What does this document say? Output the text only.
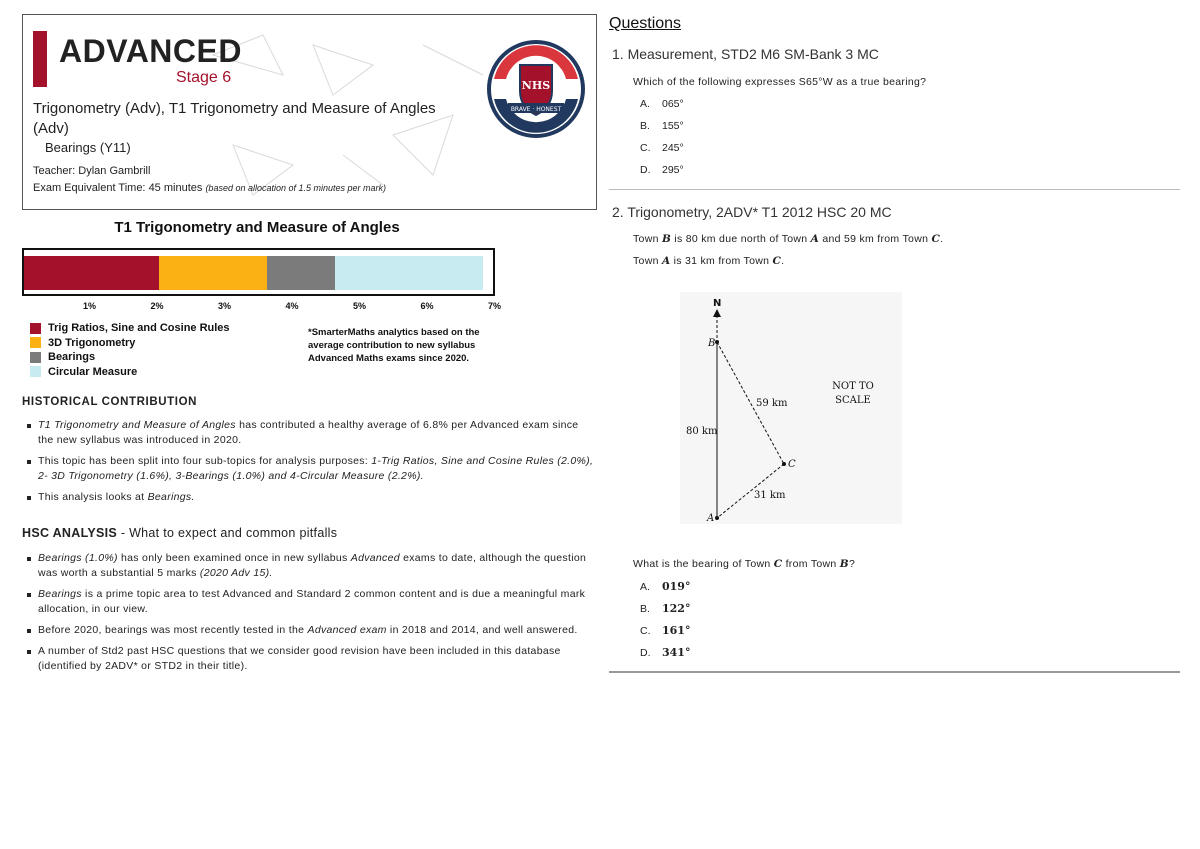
ADVANCED
Stage 6
Trigonometry (Adv), T1 Trigonometry and Measure of Angles (Adv)
Bearings (Y11)
Teacher: Dylan Gambrill
Exam Equivalent Time: 45 minutes (based on allocation of 1.5 minutes per mark)
NHS
BRAVE · HONEST
T1 Trigonometry and Measure of Angles
1%	2%	3%	4%	5%	6%	7%
Trig Ratios, Sine and Cosine Rules
3D Trigonometry
Bearings
Circular Measure
*SmarterMaths analytics based on the average contribution to new syllabus Advanced Maths exams since 2020.
HISTORICAL CONTRIBUTION
T1 Trigonometry and Measure of Angles has contributed a healthy average of 6.8% per Advanced exam since the new syllabus was introduced in 2020.
This topic has been split into four sub-topics for analysis purposes: 1-Trig Ratios, Sine and Cosine Rules (2.0%), 2- 3D Trigonometry (1.6%), 3-Bearings (1.0%) and 4-Circular Measure (2.2%).
This analysis looks at Bearings.
HSC ANALYSIS - What to expect and common pitfalls
Bearings (1.0%) has only been examined once in new syllabus Advanced exams to date, although the question was worth a substantial 5 marks (2020 Adv 15).
Bearings is a prime topic area to test Advanced and Standard 2 common content and is due a meaningful mark allocation, in our view.
Before 2020, bearings was most recently tested in the Advanced exam in 2018 and 2014, and well answered.
A number of Std2 past HSC questions that we consider good revision have been included in this database (identified by 2ADV* or STD2 in their title).
Questions
1. Measurement, STD2 M6 SM-Bank 3 MC
Which of the following expresses S65°W as a true bearing?
A. 065°
B. 155°
C. 245°
D. 295°
2. Trigonometry, 2ADV* T1 2012 HSC 20 MC
Town B is 80 km due north of Town A and 59 km from Town C.
Town A is 31 km from Town C.
N
B
C
A
80 km
59 km
31 km
NOT TO
SCALE
What is the bearing of Town C from Town B?
A. 019°
B. 122°
C. 161°
D. 341°
